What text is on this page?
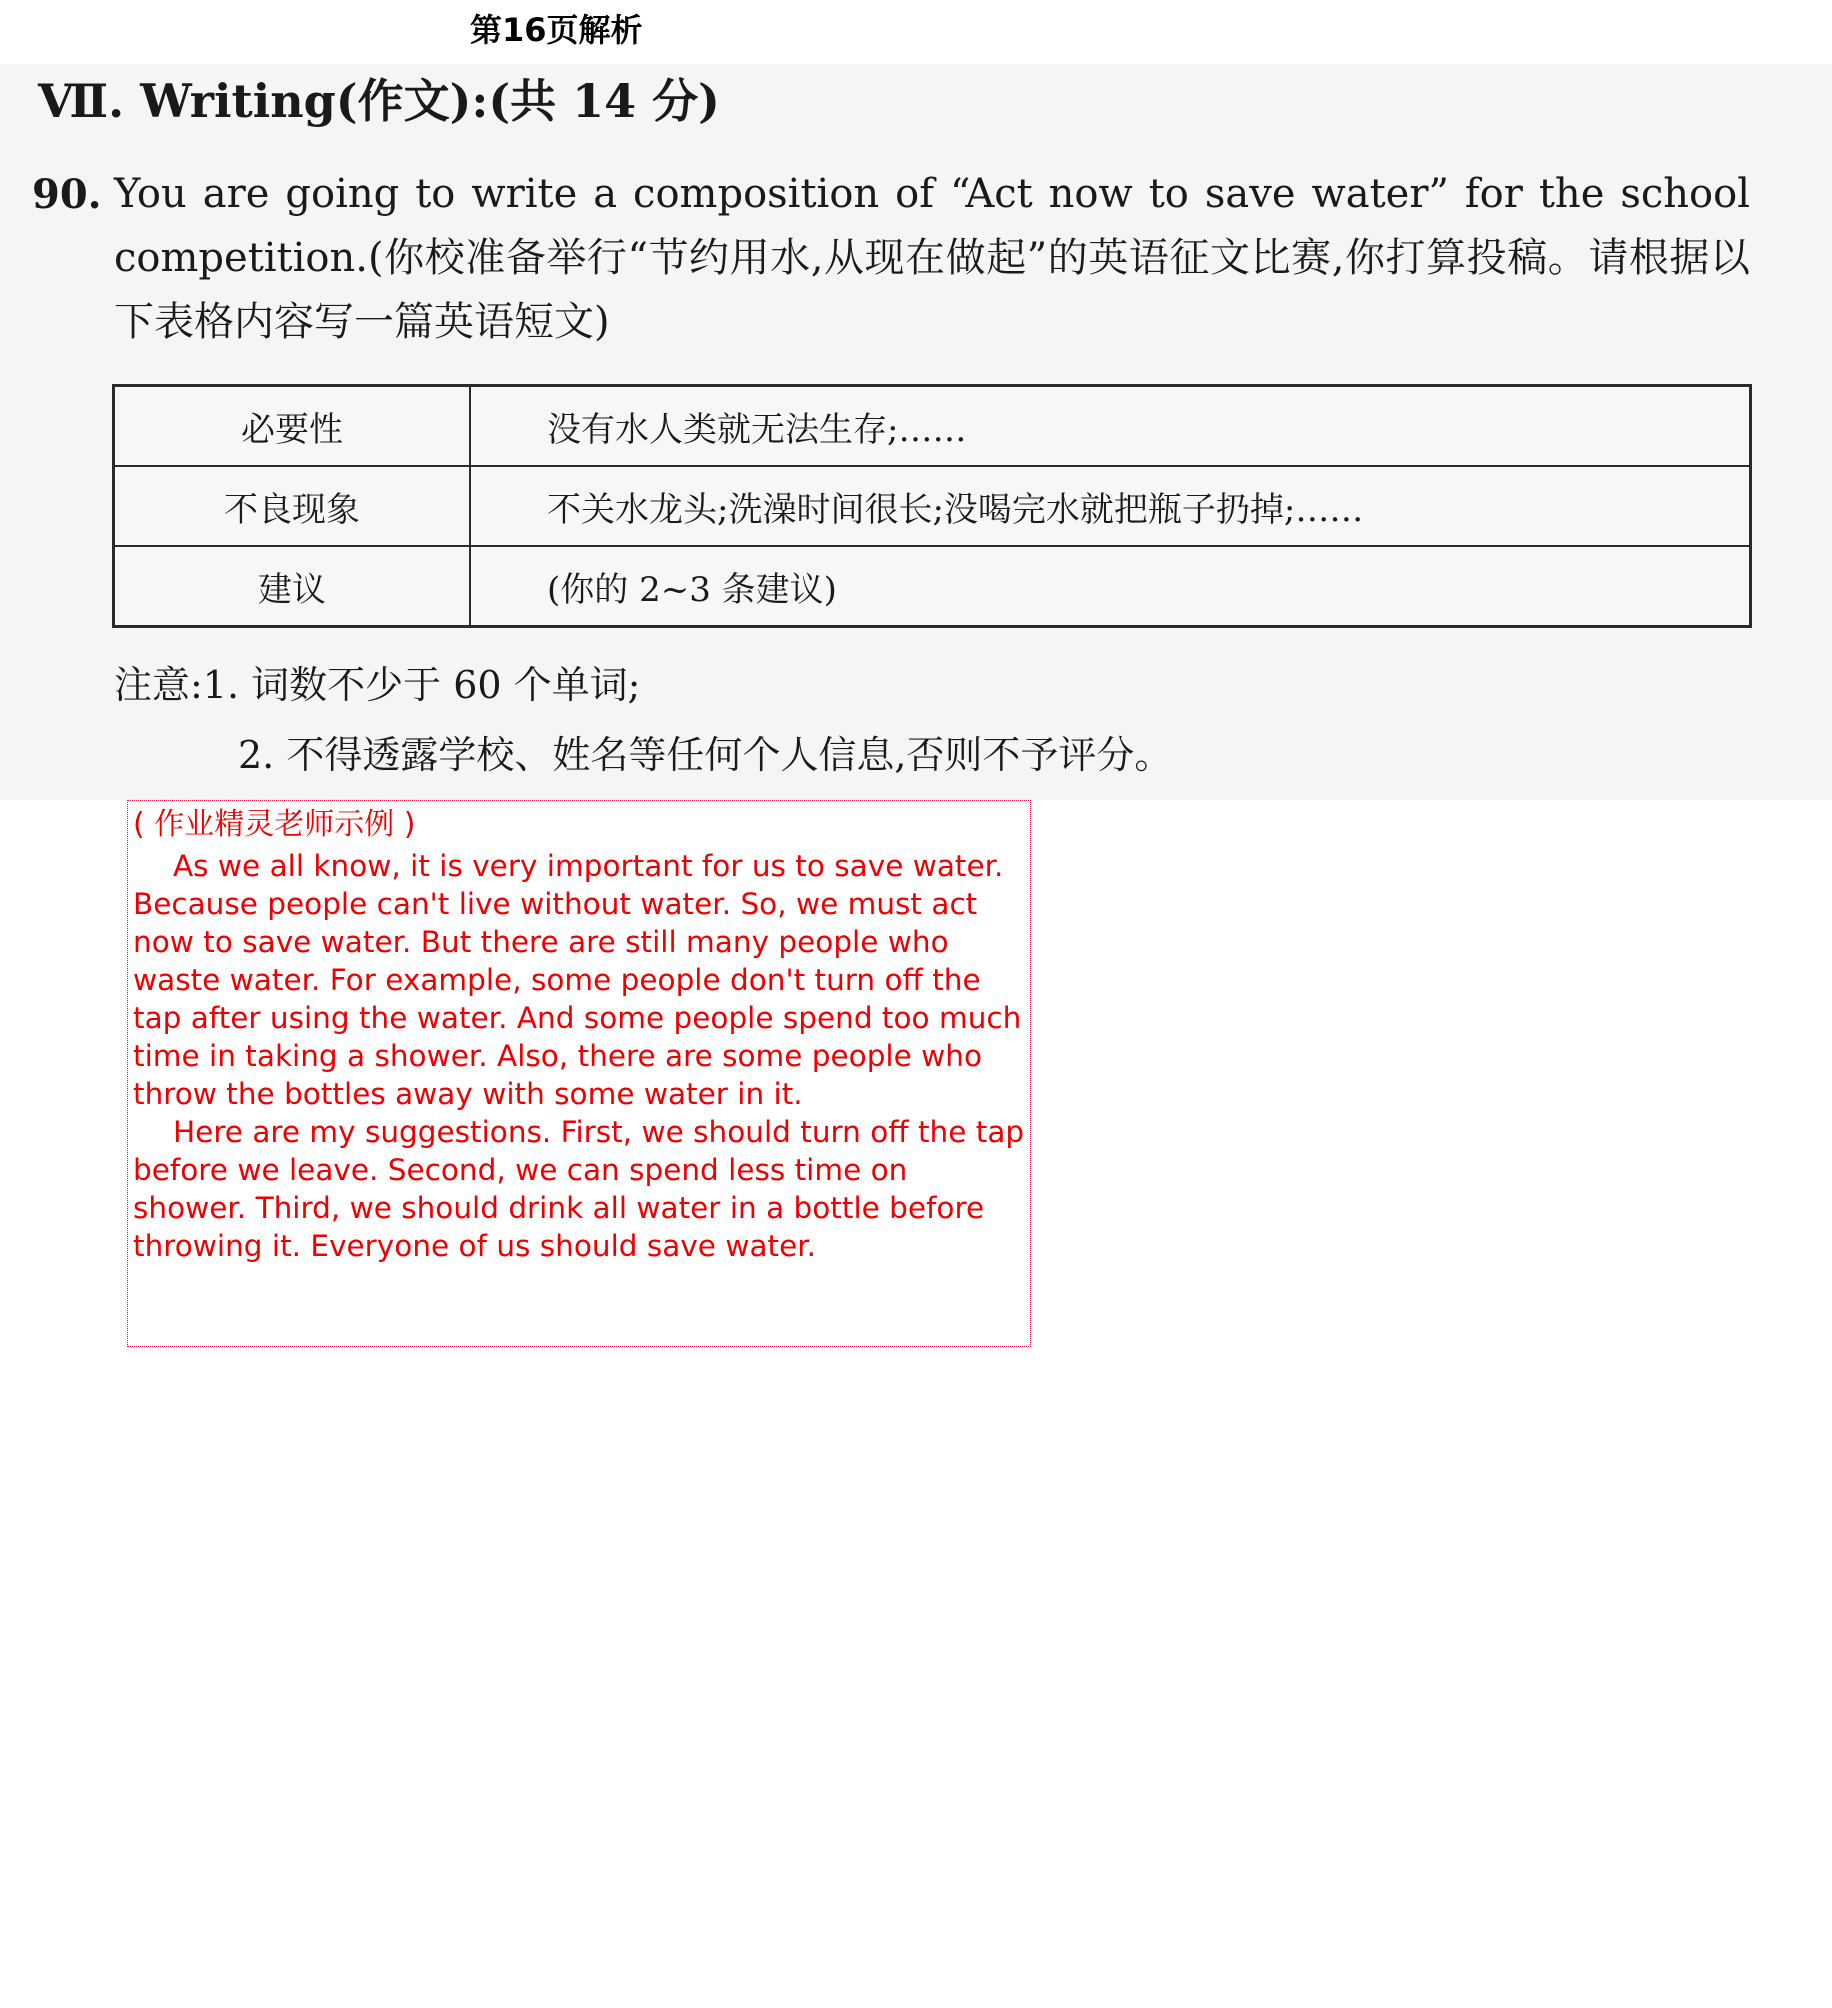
第16页解析
Ⅶ. Writing(作文):(共 14 分)
90. You are going to write a composition of “Act now to save water” for the school competition.(你校准备举行“节约用水,从现在做起”的英语征文比赛,你打算投稿。请根据以下表格内容写一篇英语短文)
必要性	没有水人类就无法生存;……
不良现象	不关水龙头;洗澡时间很长;没喝完水就把瓶子扔掉;……
建议	(你的 2~3 条建议)
注意:1. 词数不少于 60 个单词;
2. 不得透露学校、姓名等任何个人信息,否则不予评分。
( 作业精灵老师示例 )

As we all know, it is very important for us to save water. Because people can't live without water. So, we must act now to save water. But there are still many people who waste water. For example, some people don't turn off the tap after using the water. And some people spend too much time in taking a shower. Also, there are some people who throw the bottles away with some water in it.

Here are my suggestions. First, we should turn off the tap before we leave. Second, we can spend less time on shower. Third, we should drink all water in a bottle before throwing it. Everyone of us should save water.
